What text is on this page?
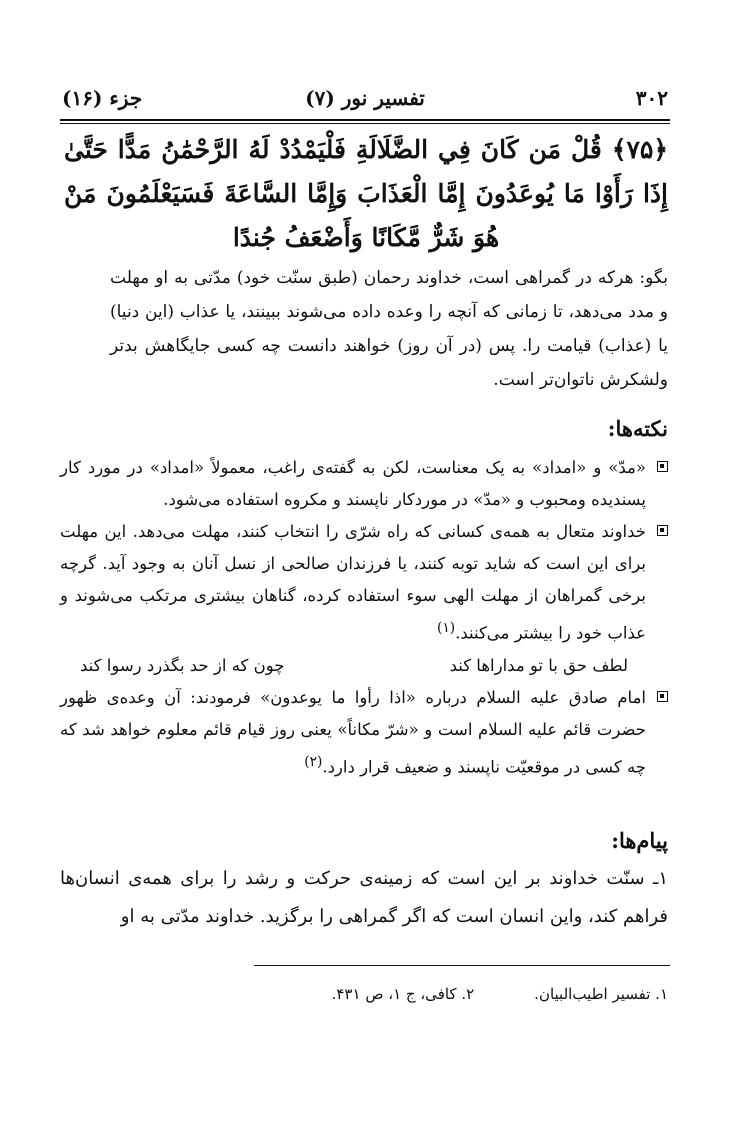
۳۰۲
تفسیر نور (۷)
جزء (۱۶)
﴿۷۵﴾ قُلْ مَن كَانَ فِي الضَّلَالَةِ فَلْيَمْدُدْ لَهُ الرَّحْمَٰنُ مَدًّا حَتَّىٰ إِذَا رَأَوْا مَا يُوعَدُونَ إِمَّا الْعَذَابَ وَإِمَّا السَّاعَةَ فَسَيَعْلَمُونَ مَنْ هُوَ شَرٌّ مَّكَانًا وَأَضْعَفُ جُندًا
بگو: هرکه در گمراهی است، خداوند رحمان (طبق سنّت خود) مدّتی به او مهلت و مدد می‌دهد، تا زمانی که آنچه را وعده داده می‌شوند ببینند، یا عذاب (این دنیا) یا (عذاب) قیامت را. پس (در آن روز) خواهند دانست چه کسی جایگاهش بدتر ولشکرش ناتوان‌تر است.
نکته‌ها:

«مدّ» و «امداد» به یک معناست، لکن به گفته‌ی راغب، معمولاً «امداد» در مورد کار پسندیده ومحبوب و «مدّ» در موردکار ناپسند و مکروه استفاده می‌شود.

خداوند متعال به همه‌ی کسانی که راه شرّی را انتخاب کنند، مهلت می‌دهد. این مهلت برای این است که شاید توبه کنند، یا فرزندان صالحی از نسل آنان به وجود آید. گرچه برخی گمراهان از مهلت الهی سوء استفاده کرده، گناهان بیشتری مرتکب می‌شوند و عذاب خود را بیشتر می‌کنند.$^{(۱)}$

لطف حق با تو مداراها کند
چون که از حد بگذرد رسوا کند

امام صادق علیه السلام درباره «اذا رأوا ما یوعدون» فرمودند: آن وعده‌ی ظهور حضرت قائم علیه السلام است و «شرّ مکاناً» یعنی روز قیام قائم معلوم خواهد شد که چه کسی در موقعیّت ناپسند و ضعیف قرار دارد.$^{(۲)}$

پیام‌ها:
۱ـ سنّت خداوند بر این است که زمینه‌ی حرکت و رشد را برای همه‌ی انسان‌ها فراهم کند، واین انسان است که اگر گمراهی را برگزید. خداوند مدّتی به او
۱. تفسیر اطیب‌البیان.
۲. کافی، ج ۱، ص ۴۳۱.
